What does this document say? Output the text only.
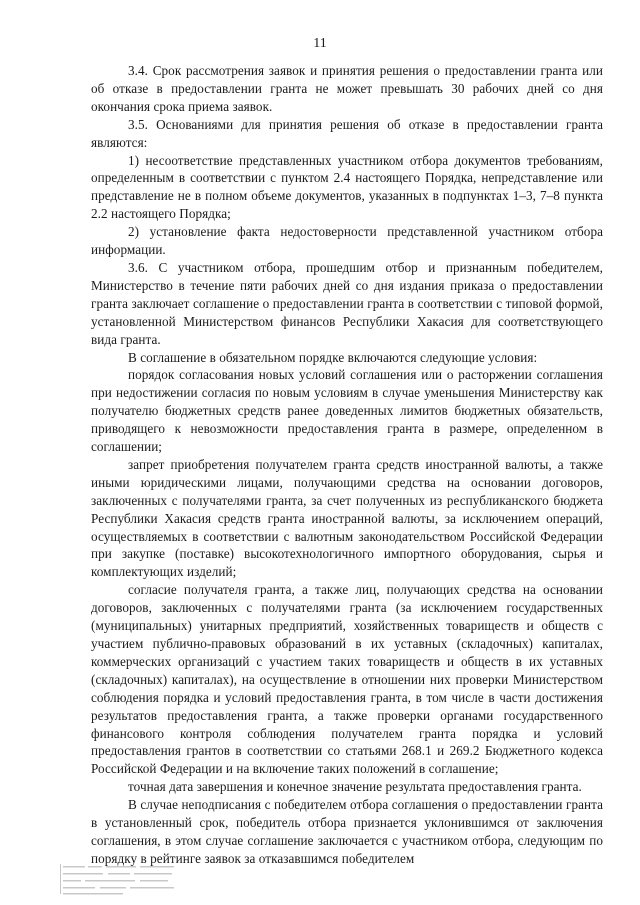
11

3.4. Срок рассмотрения заявок и принятия решения о предоставлении гранта или об отказе в предоставлении гранта не может превышать 30 рабочих дней со дня окончания срока приема заявок.

3.5. Основаниями для принятия решения об отказе в предоставлении гранта являются:

1) несоответствие представленных участником отбора документов требованиям, определенным в соответствии с пунктом 2.4 настоящего Порядка, непредставление или представление не в полном объеме документов, указанных в подпунктах 1–3, 7–8 пункта 2.2 настоящего Порядка;

2) установление факта недостоверности представленной участником отбора информации.

3.6. С участником отбора, прошедшим отбор и признанным победителем, Министерство в течение пяти рабочих дней со дня издания приказа о предоставлении гранта заключает соглашение о предоставлении гранта в соответствии с типовой формой, установленной Министерством финансов Республики Хакасия для соответствующего вида гранта.

В соглашение в обязательном порядке включаются следующие условия:

порядок согласования новых условий соглашения или о расторжении соглашения при недостижении согласия по новым условиям в случае уменьшения Министерству как получателю бюджетных средств ранее доведенных лимитов бюджетных обязательств, приводящего к невозможности предоставления гранта в размере, определенном в соглашении;

запрет приобретения получателем гранта средств иностранной валюты, а также иными юридическими лицами, получающими средства на основании договоров, заключенных с получателями гранта, за счет полученных из республиканского бюджета Республики Хакасия средств гранта иностранной валюты, за исключением операций, осуществляемых в соответствии с валютным законодательством Российской Федерации при закупке (поставке) высокотехнологичного импортного оборудования, сырья и комплектующих изделий;

согласие получателя гранта, а также лиц, получающих средства на основании договоров, заключенных с получателями гранта (за исключением государственных (муниципальных) унитарных предприятий, хозяйственных товариществ и обществ с участием публично-правовых образований в их уставных (складочных) капиталах, коммерческих организаций с участием таких товариществ и обществ в их уставных (складочных) капиталах), на осуществление в отношении них проверки Министерством соблюдения порядка и условий предоставления гранта, в том числе в части достижения результатов предоставления гранта, а также проверки органами государственного финансового контроля соблюдения получателем гранта порядка и условий предоставления грантов в соответствии со статьями 268.1 и 269.2 Бюджетного кодекса Российской Федерации и на включение таких положений в соглашение;

точная дата завершения и конечное значение результата предоставления гранта.

В случае неподписания с победителем отбора соглашения о предоставлении гранта в установленный срок, победитель отбора признается уклонившимся от заключения соглашения, в этом случае соглашение заключается с участником отбора, следующим по порядку в рейтинге заявок за отказавшимся победителем
